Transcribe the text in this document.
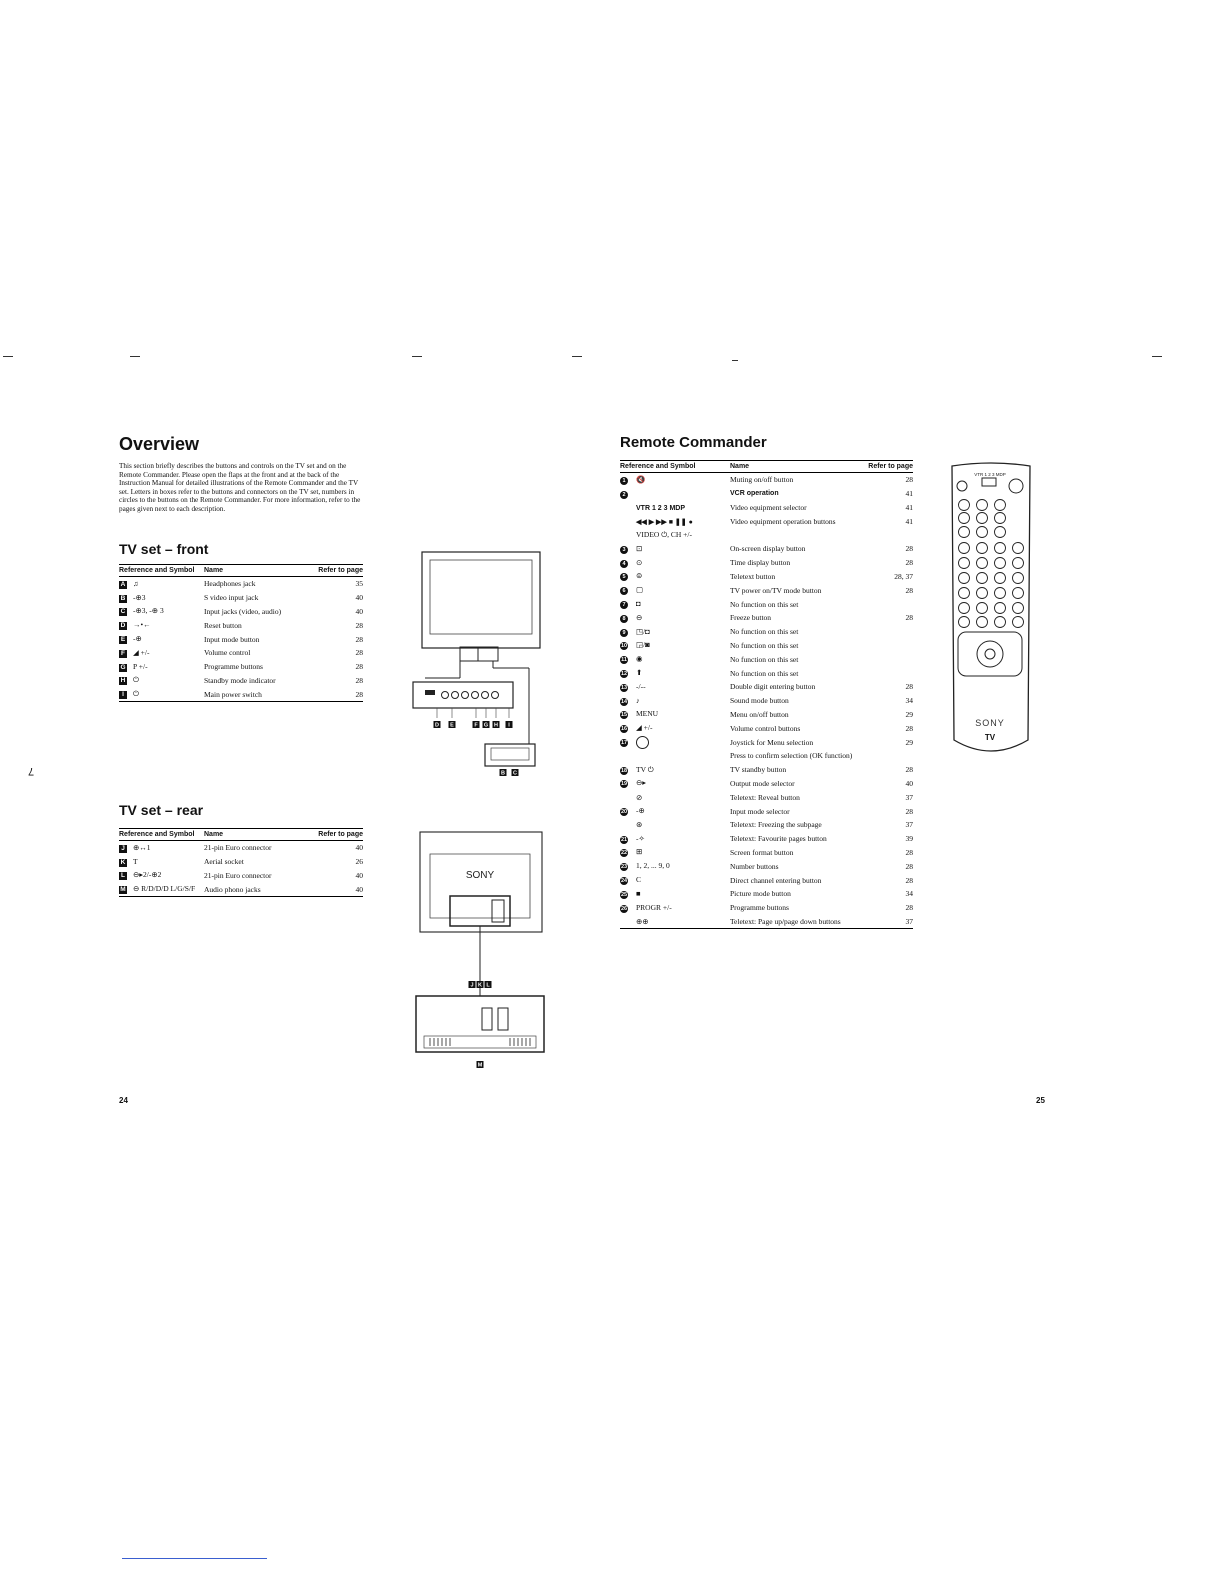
7
Overview
This section briefly describes the buttons and controls on the TV set and on the Remote Commander. Please open the flaps at the front and at the back of the Instruction Manual for detailed illustrations of the Remote Commander and the TV set. Letters in boxes refer to the buttons and connectors on the TV set, numbers in circles to the buttons on the Remote Commander. For more information, refer to the pages given next to each description.
TV set – front
Reference and Symbol	Name	Refer to page
A ♫	Headphones jack	35
B -⊕3	S video input jack	40
C -⊕3, -⊕ 3	Input jacks (video, audio)	40
D →•←	Reset button	28
E -⊕	Input mode button	28
F ◢ +/-	Volume control	28
G P +/-	Programme buttons	28
H ⏻	Standby mode indicator	28
I ⏻	Main power switch	28
TV set – rear
Reference and Symbol	Name	Refer to page
J ⊕↔1	21-pin Euro connector	40
K T	Aerial socket	26
L ⊖▸2/-⊕2	21-pin Euro connector	40
M ⊖ R/D/D/D L/G/S/F	Audio phono jacks	40
24
D E	F G H I
B C
SONY
J K L
M
Remote Commander
Reference and Symbol	Name	Refer to page
1 🔇	Muting on/off button	28
2	VCR operation	41
VTR 1 2 3 MDP	Video equipment selector	41
◀◀ ▶ ▶▶ ■ ❚❚ ●	Video equipment operation buttons	41
VIDEO ⏻, CH +/-		
3 ⊡	On-screen display button	28
4 ⊙	Time display button	28
5 ⊜	Teletext button	28, 37
6 ▢	TV power on/TV mode button	28
7 ◘	No function on this set	
8 ⊖	Freeze button	28
9 ◳/◘	No function on this set	
10 ◲/◙	No function on this set	
11 ◉	No function on this set	
12 ⬆	No function on this set	
13 -/--	Double digit entering button	28
14 ♪	Sound mode button	34
15 MENU	Menu on/off button	29
16 ◢ +/-	Volume control buttons	28
17	Joystick for Menu selection	29
	Press to confirm selection (OK function)	
18 TV ⏻	TV standby button	28
19 ⊖▸	Output mode selector	40
⊘	Teletext: Reveal button	37
20 -⊕	Input mode selector	28
⊛	Teletext: Freezing the subpage	37
21 -✧	Teletext: Favourite pages button	39
22 ⊞	Screen format button	28
23 1, 2, ... 9, 0	Number buttons	28
24 C	Direct channel entering button	28
25 ■	Picture mode button	34
26 PROGR +/-	Programme buttons	28
⊕⊕	Teletext: Page up/page down buttons	37
VTR 1 2 3 MDP
SONY
TV
25
